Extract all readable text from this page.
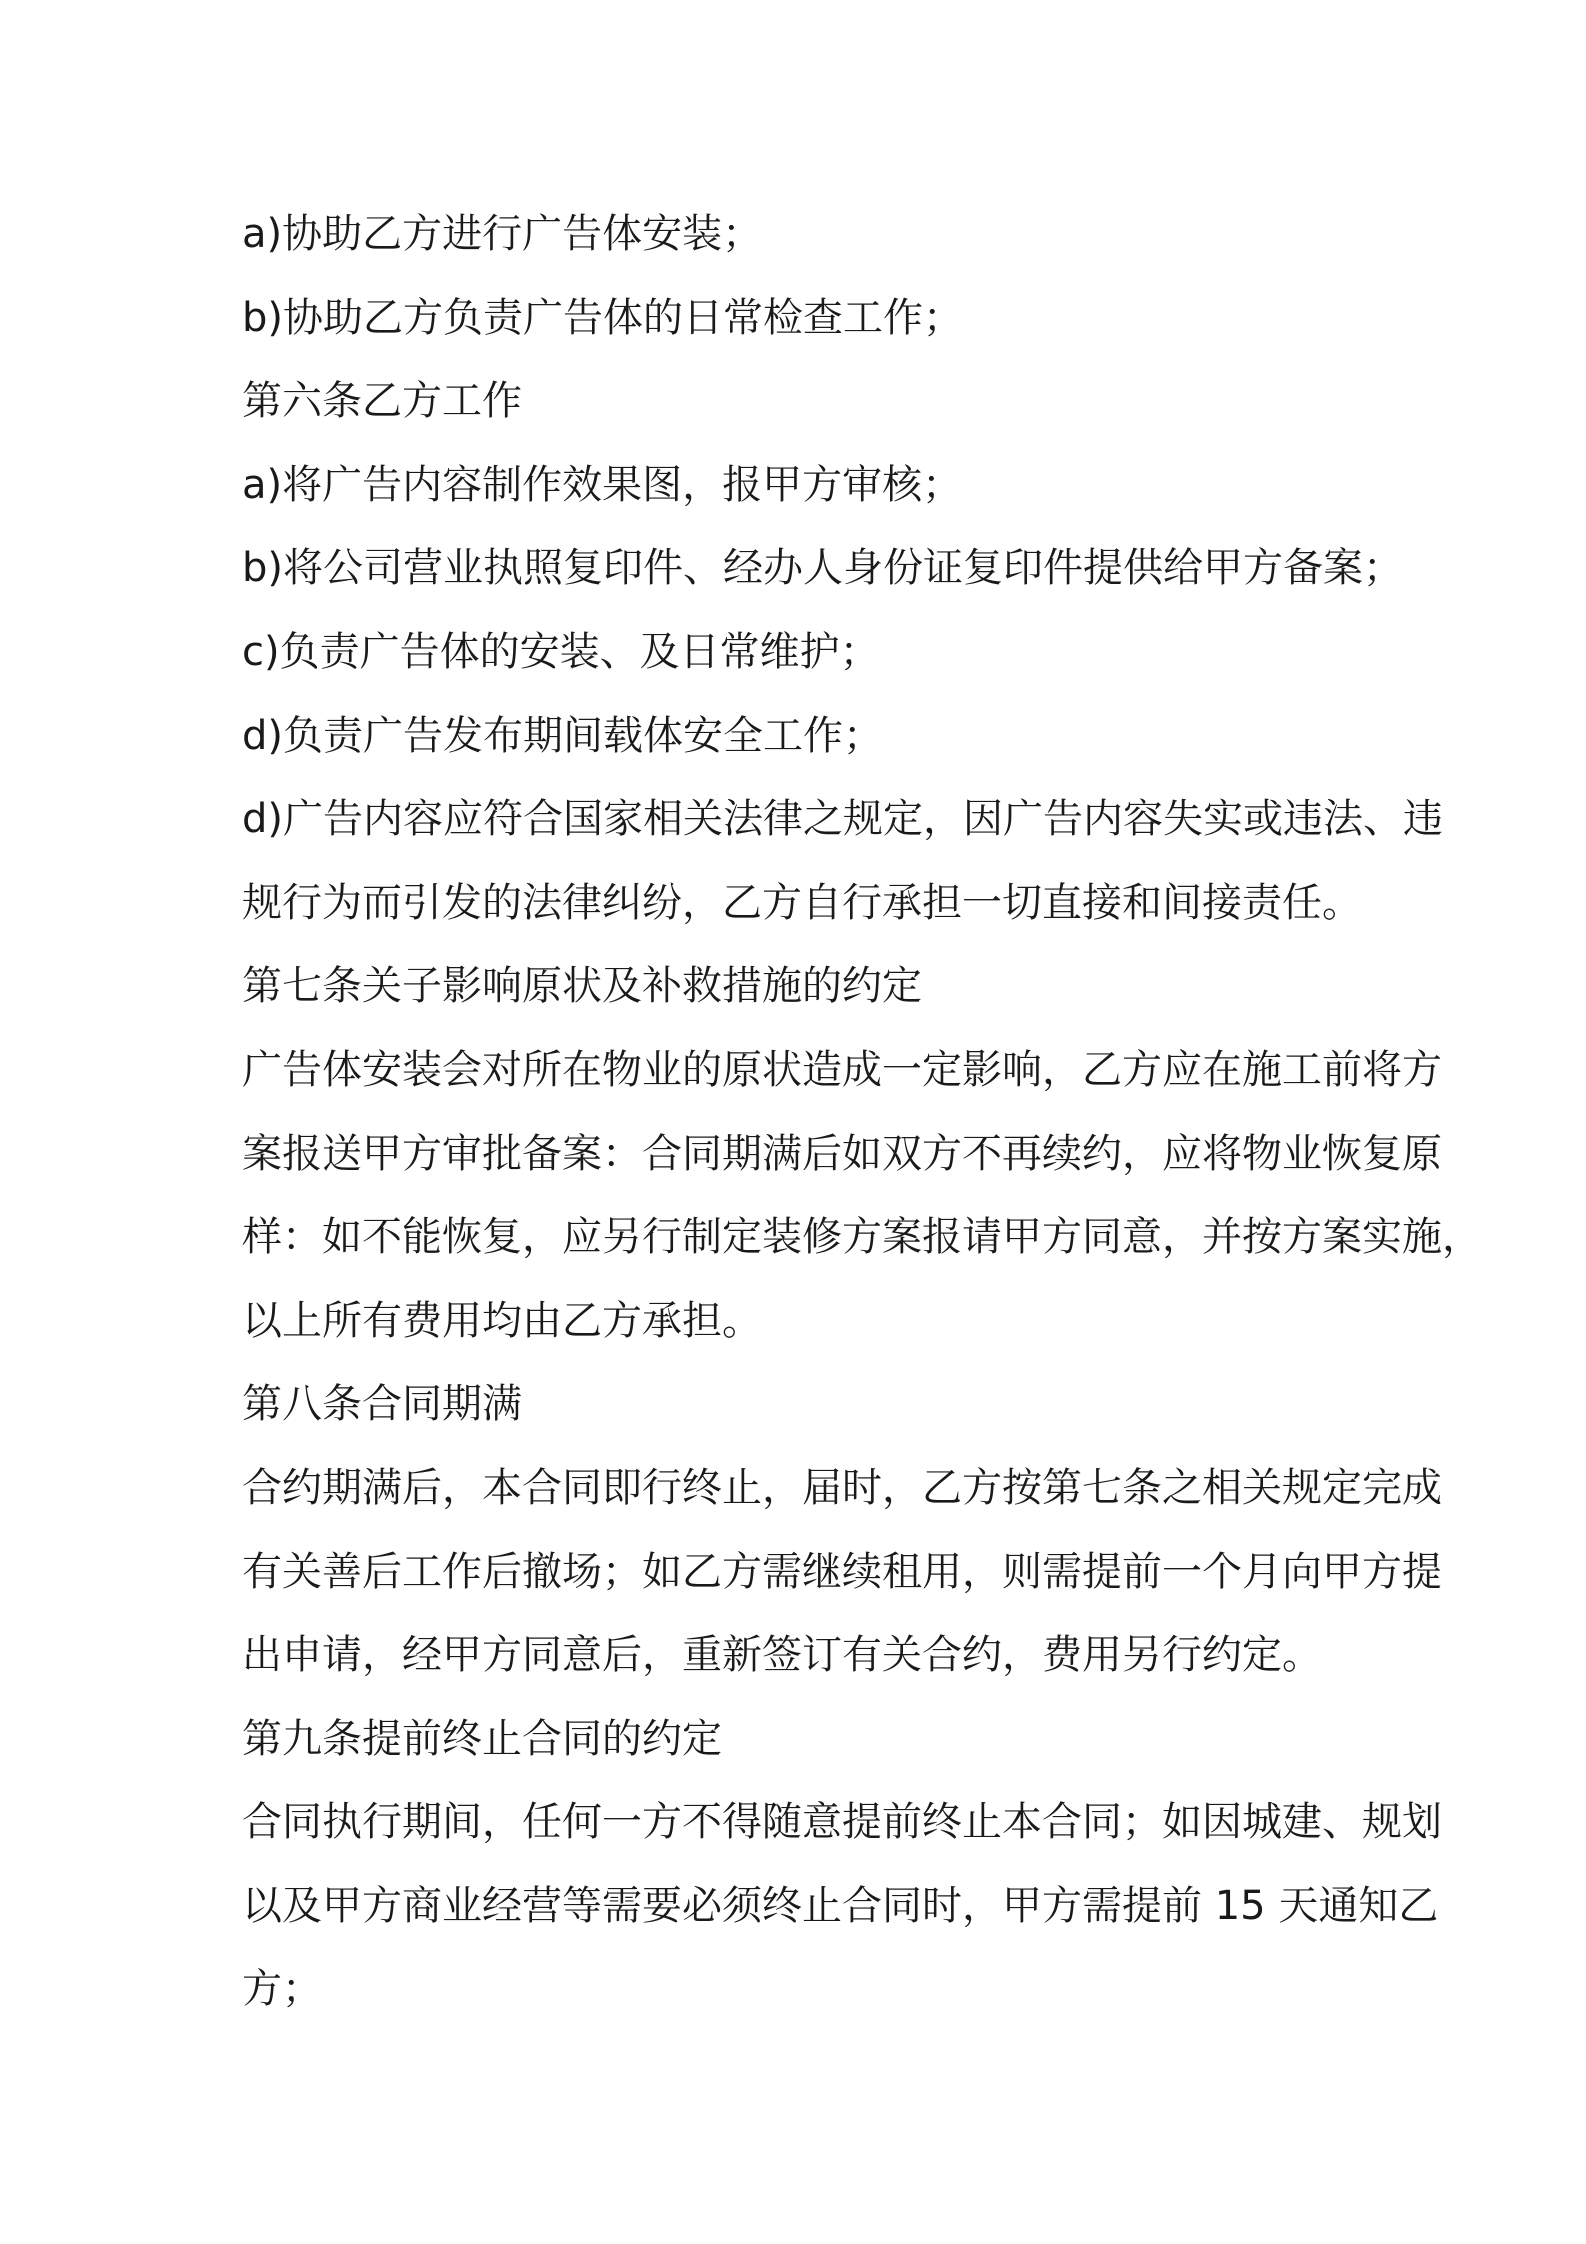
a)协助乙方进行广告体安装；
b)协助乙方负责广告体的日常检查工作；
第六条乙方工作
a)将广告内容制作效果图，报甲方审核；
b)将公司营业执照复印件、经办人身份证复印件提供给甲方备案；
c)负责广告体的安装、及日常维护；
d)负责广告发布期间载体安全工作；
d)广告内容应符合国家相关法律之规定，因广告内容失实或违法、违
规行为而引发的法律纠纷，乙方自行承担一切直接和间接责任。
第七条关子影响原状及补救措施的约定
广告体安装会对所在物业的原状造成一定影响，乙方应在施工前将方
案报送甲方审批备案：合同期满后如双方不再续约，应将物业恢复原
样：如不能恢复，应另行制定装修方案报请甲方同意，并按方案实施，
以上所有费用均由乙方承担。
第八条合同期满
合约期满后，本合同即行终止，届时，乙方按第七条之相关规定完成
有关善后工作后撤场；如乙方需继续租用，则需提前一个月向甲方提
出申请，经甲方同意后，重新签订有关合约，费用另行约定。
第九条提前终止合同的约定
合同执行期间，任何一方不得随意提前终止本合同；如因城建、规划
以及甲方商业经营等需要必须终止合同时，甲方需提前 15 天通知乙
方；
